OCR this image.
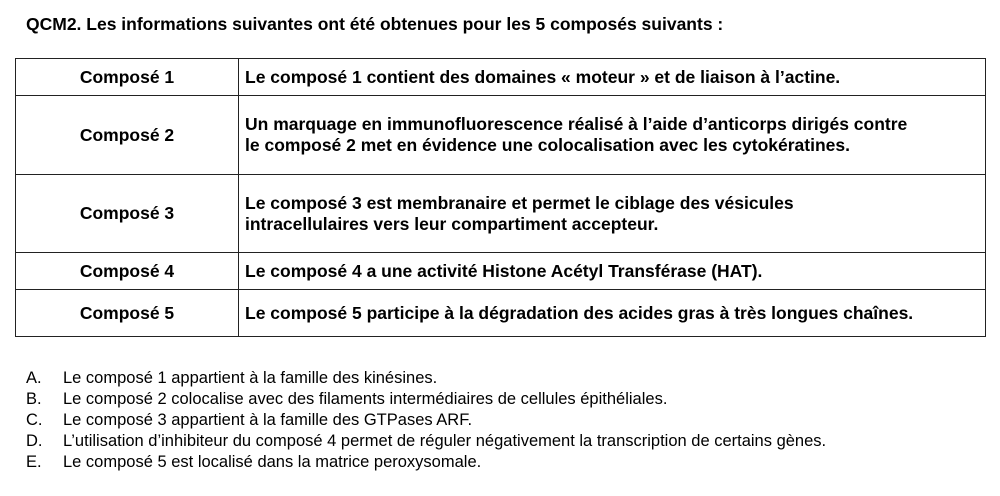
QCM2. Les informations suivantes ont été obtenues pour les 5 composés suivants :
Composé 1	Le composé 1 contient des domaines « moteur » et de liaison à l’actine.
Composé 2	Un marquage en immunofluorescence réalisé à l’aide d’anticorps dirigés contre le composé 2 met en évidence une colocalisation avec les cytokératines.
Composé 3	Le composé 3 est membranaire et permet le ciblage des vésicules intracellulaires vers leur compartiment accepteur.
Composé 4	Le composé 4 a une activité Histone Acétyl Transférase (HAT).
Composé 5	Le composé 5 participe à la dégradation des acides gras à très longues chaînes.
A.	Le composé 1 appartient à la famille des kinésines.
B.	Le composé 2 colocalise avec des filaments intermédiaires de cellules épithéliales.
C.	Le composé 3 appartient à la famille des GTPases ARF.
D.	L’utilisation d’inhibiteur du composé 4 permet de réguler négativement la transcription de certains gènes.
E.	Le composé 5 est localisé dans la matrice peroxysomale.
